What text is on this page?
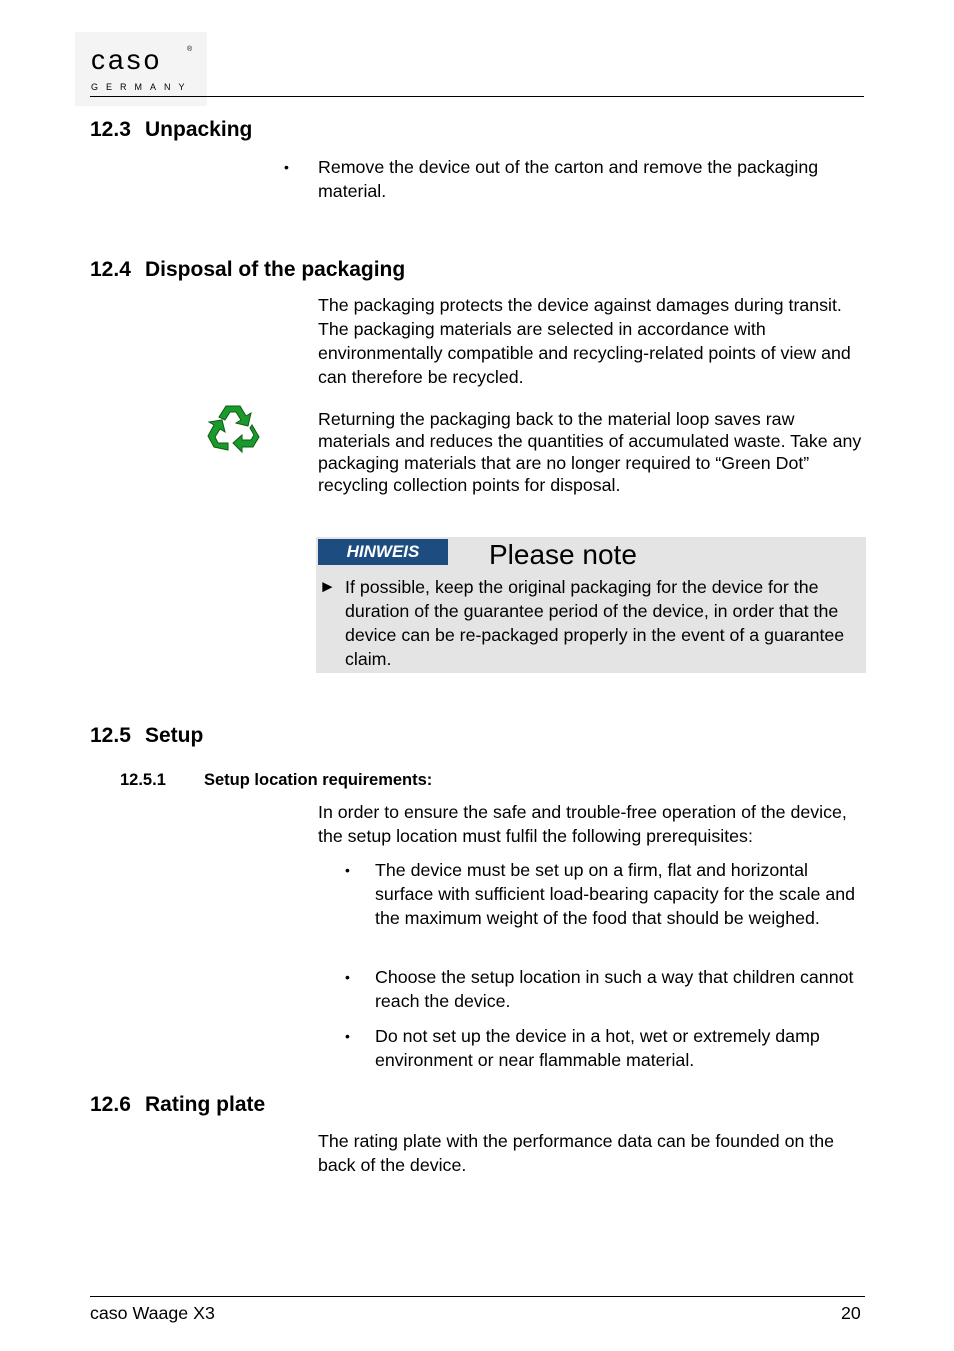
caso	®
GERMANY
12.3 Unpacking
• Remove the device out of the carton and remove the packaging material.
12.4 Disposal of the packaging
The packaging protects the device against damages during transit. The packaging materials are selected in accordance with environmentally compatible and recycling-related points of view and can therefore be recycled.
Returning the packaging back to the material loop saves raw materials and reduces the quantities of accumulated waste. Take any packaging materials that are no longer required to “Green Dot” recycling collection points for disposal.
HINWEIS	Please note
► If possible, keep the original packaging for the device for the duration of the guarantee period of the device, in order that the device can be re-packaged properly in the event of a guarantee claim.
12.5 Setup
12.5.1 Setup location requirements:
In order to ensure the safe and trouble-free operation of the device, the setup location must fulfil the following prerequisites:
• The device must be set up on a firm, flat and horizontal surface with sufficient load-bearing capacity for the scale and the maximum weight of the food that should be weighed.
• Choose the setup location in such a way that children cannot reach the device.
• Do not set up the device in a hot, wet or extremely damp environment or near flammable material.
12.6 Rating plate
The rating plate with the performance data can be founded on the back of the device.
caso Waage X3	20
